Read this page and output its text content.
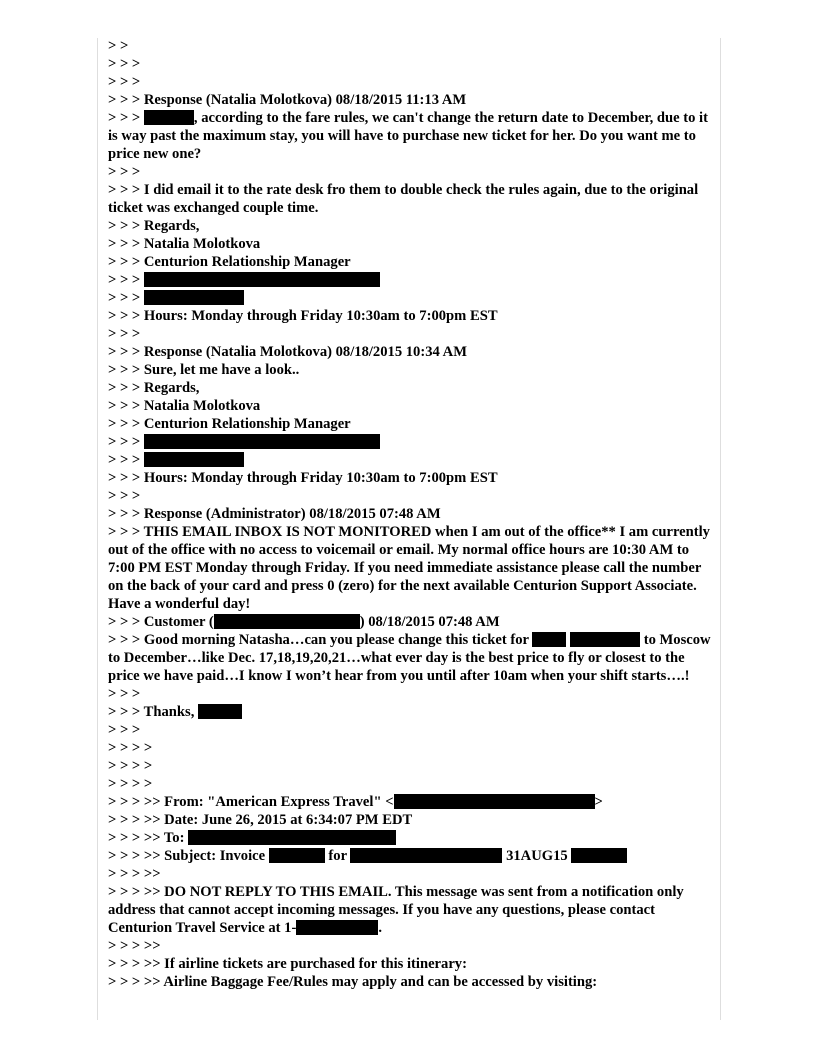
> >
> > >
> > >
> > > Response (Natalia Molotkova) 08/18/2015 11:13 AM
> > >	, according to the fare rules, we can't change the return date to December, due to it is way past the maximum stay, you will have to purchase new ticket for her. Do you want me to price new one?
> > >
> > > I did email it to the rate desk fro them to double check the rules again, due to the original ticket was exchanged couple time.
> > > Regards,
> > > Natalia Molotkova
> > > Centurion Relationship Manager
> > >
> > >
> > > Hours: Monday through Friday 10:30am to 7:00pm EST
> > >
> > > Response (Natalia Molotkova) 08/18/2015 10:34 AM
> > > Sure, let me have a look..
> > > Regards,
> > > Natalia Molotkova
> > > Centurion Relationship Manager
> > >
> > >
> > > Hours: Monday through Friday 10:30am to 7:00pm EST
> > >
> > > Response (Administrator) 08/18/2015 07:48 AM
> > > THIS EMAIL INBOX IS NOT MONITORED when I am out of the office** I am currently out of the office with no access to voicemail or email. My normal office hours are 10:30 AM to 7:00 PM EST Monday through Friday. If you need immediate assistance please call the number on the back of your card and press 0 (zero) for the next available Centurion Support Associate. Have a wonderful day!
> > > Customer (	) 08/18/2015 07:48 AM
> > > Good morning Natasha…can you please change this ticket for	to Moscow to December…like Dec. 17,18,19,20,21…what ever day is the best price to fly or closest to the price we have paid…I know I won’t hear from you until after 10am when your shift starts….!
> > >
> > > Thanks,
> > >
> > > >
> > > >
> > > >
> > > >> From: "American Express Travel" <	>
> > > >> Date: June 26, 2015 at 6:34:07 PM EDT
> > > >> To:
> > > >> Subject: Invoice	for	31AUG15
> > > >>
> > > >> DO NOT REPLY TO THIS EMAIL. This message was sent from a notification only address that cannot accept incoming messages. If you have any questions, please contact Centurion Travel Service at 1-	.
> > > >>
> > > >> If airline tickets are purchased for this itinerary:
> > > >> Airline Baggage Fee/Rules may apply and can be accessed by visiting:
